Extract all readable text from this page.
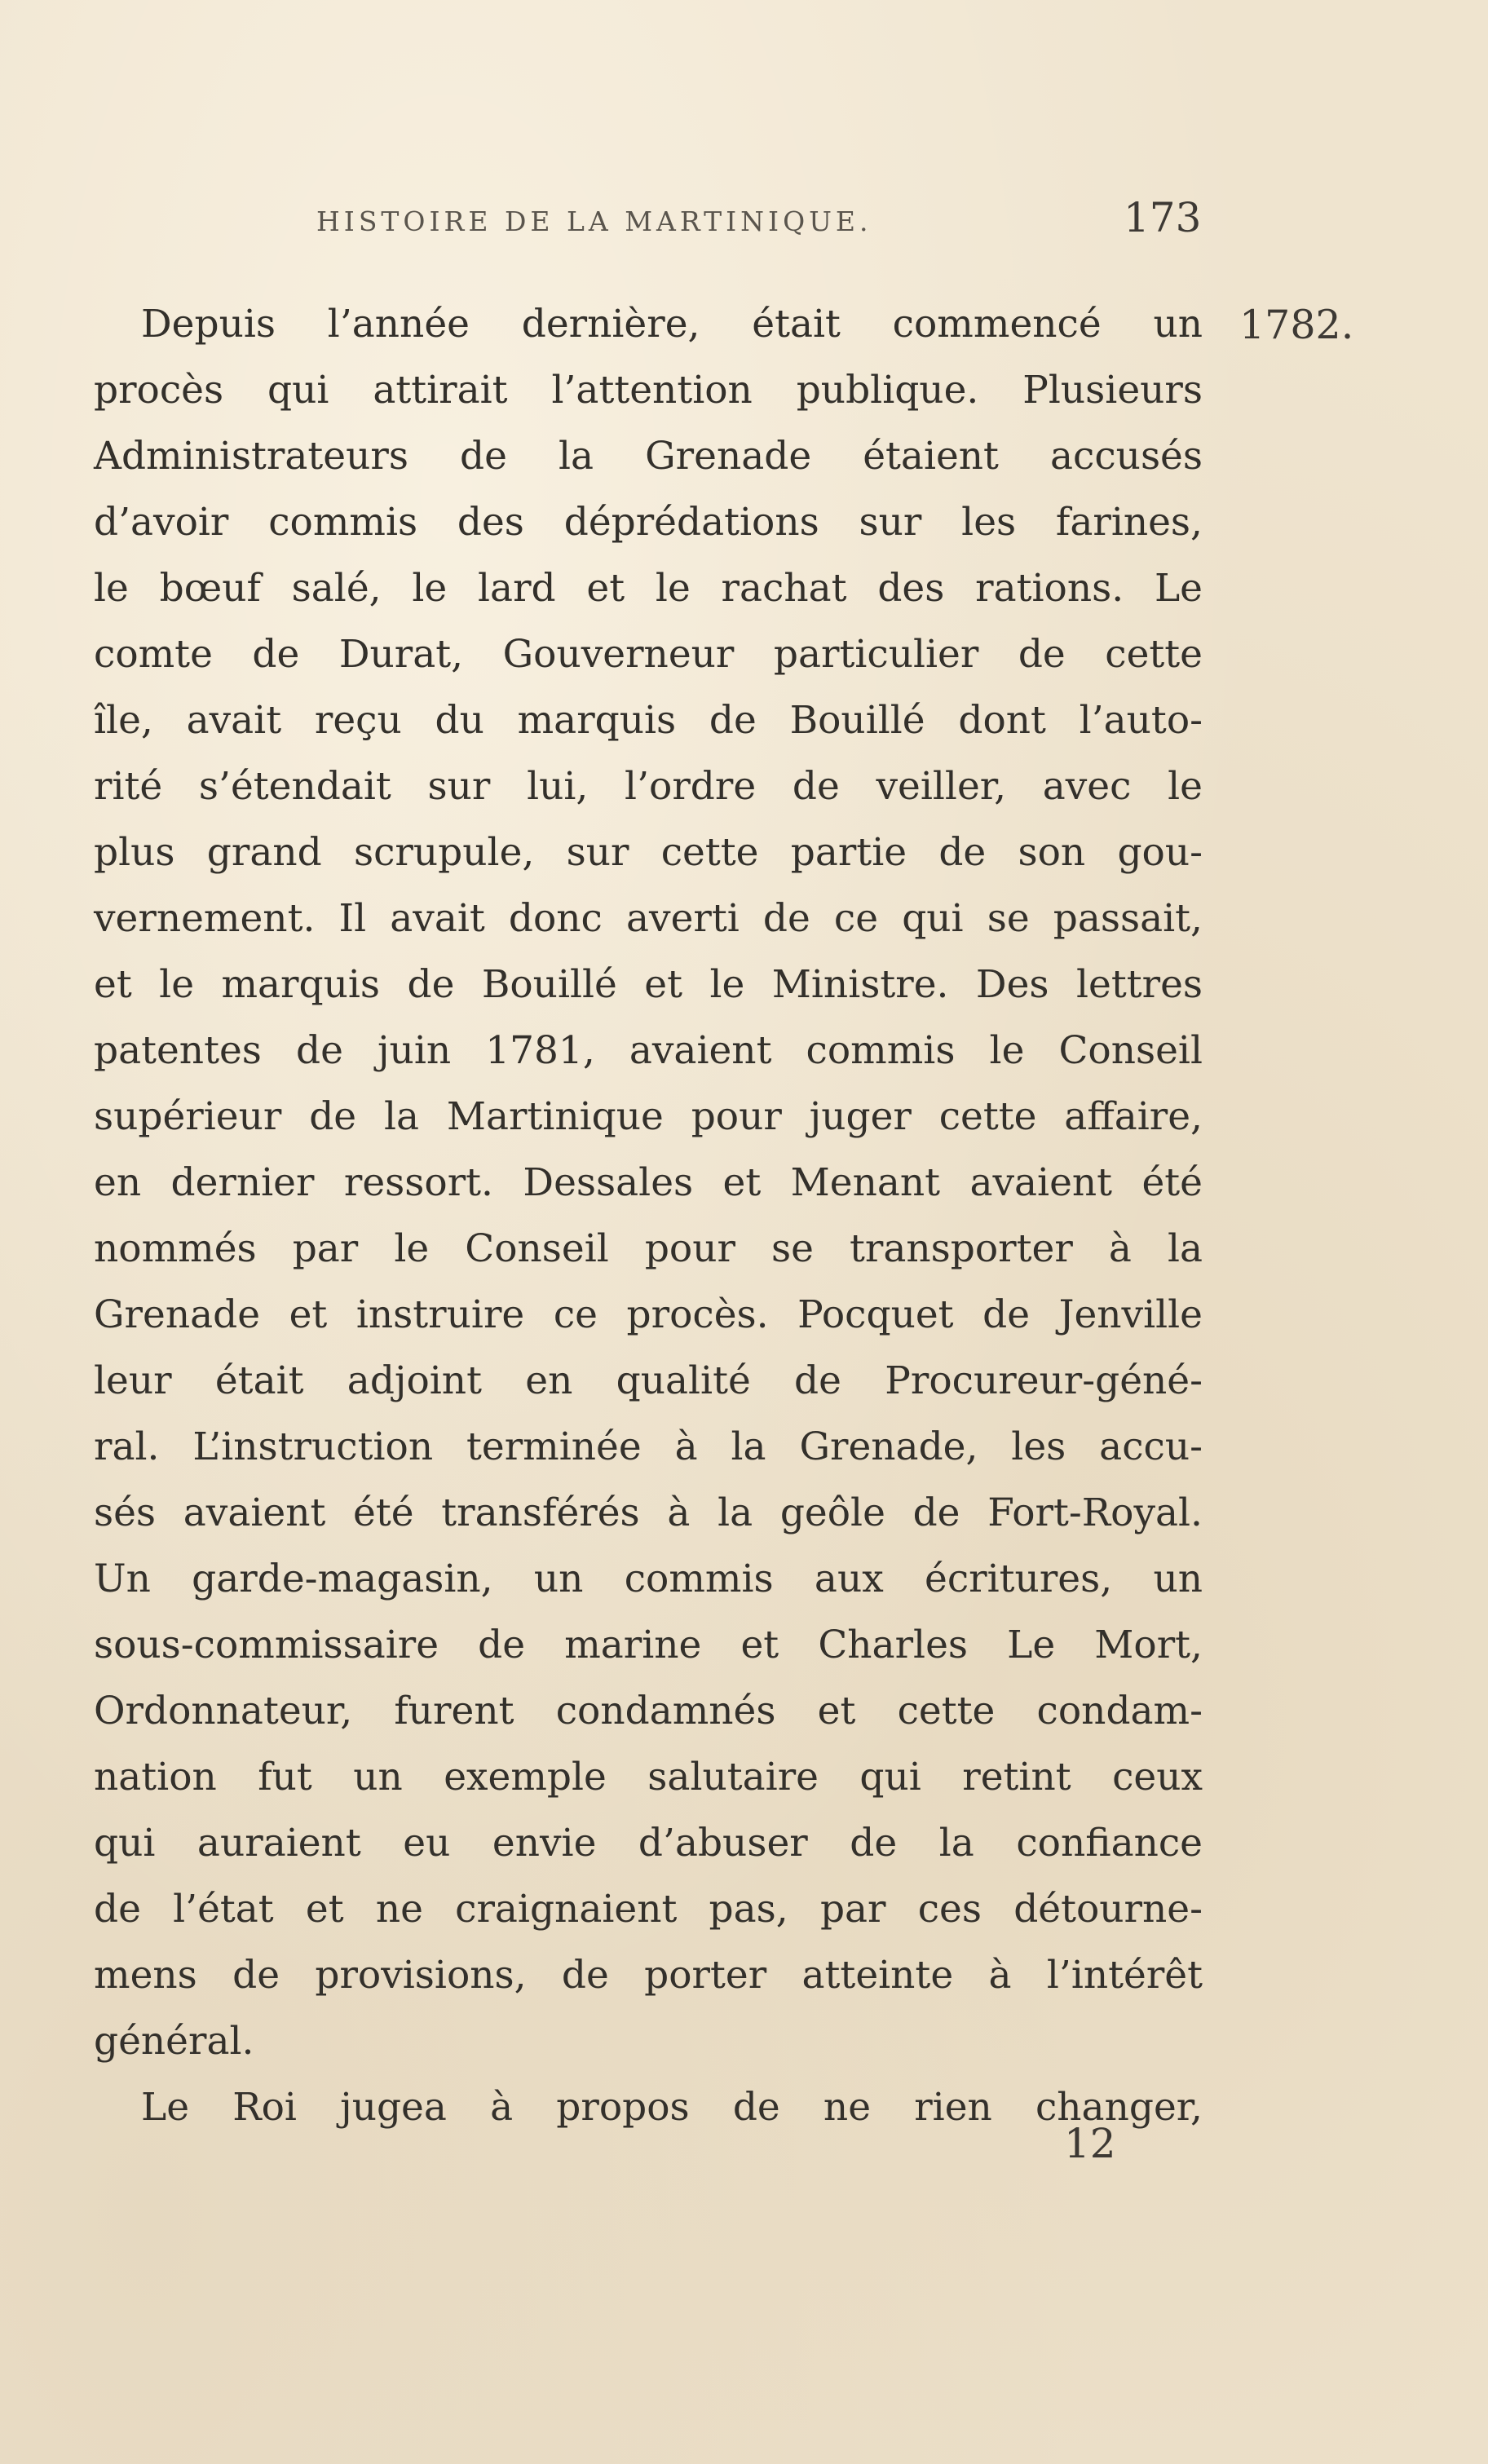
HISTOIRE DE LA MARTINIQUE.	173
1782.
Depuis l’année dernière, était commencé un
procès qui attirait l’attention publique. Plusieurs
Administrateurs de la Grenade étaient accusés
d’avoir commis des déprédations sur les farines,
le bœuf salé, le lard et le rachat des rations. Le
comte de Durat, Gouverneur particulier de cette
île, avait reçu du marquis de Bouillé dont l’auto-
rité s’étendait sur lui, l’ordre de veiller, avec le
plus grand scrupule, sur cette partie de son gou-
vernement. Il avait donc averti de ce qui se passait,
et le marquis de Bouillé et le Ministre. Des lettres
patentes de juin 1781, avaient commis le Conseil
supérieur de la Martinique pour juger cette affaire,
en dernier ressort. Dessales et Menant avaient été
nommés par le Conseil pour se transporter à la
Grenade et instruire ce procès. Pocquet de Jenville
leur était adjoint en qualité de Procureur-géné-
ral. L’instruction terminée à la Grenade, les accu-
sés avaient été transférés à la geôle de Fort-Royal.
Un garde-magasin, un commis aux écritures, un
sous-commissaire de marine et Charles Le Mort,
Ordonnateur, furent condamnés et cette condam-
nation fut un exemple salutaire qui retint ceux
qui auraient eu envie d’abuser de la confiance
de l’état et ne craignaient pas, par ces détourne-
mens de provisions, de porter atteinte à l’intérêt
général.
Le Roi jugea à propos de ne rien changer,
12
